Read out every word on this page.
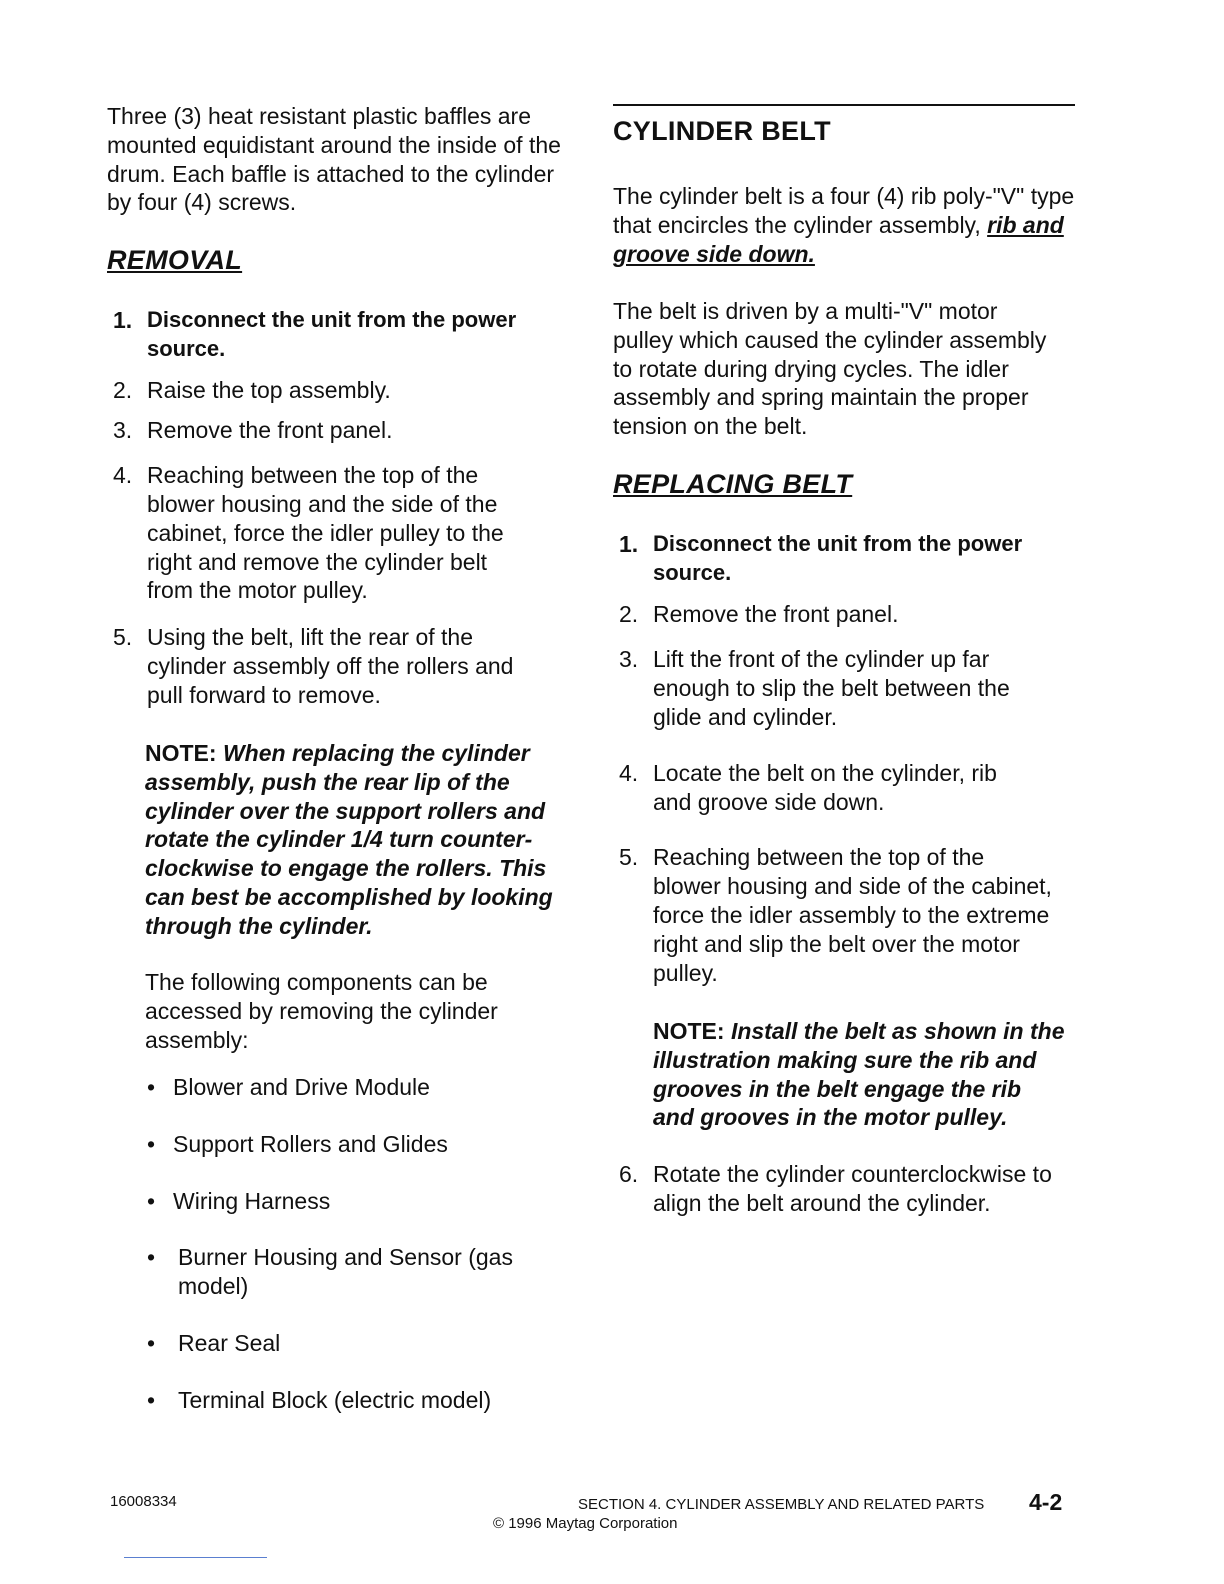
Three (3) heat resistant plastic baffles are mounted equidistant around the inside of the drum. Each baffle is attached to the cylinder by four (4) screws.

REMOVAL
1. Disconnect the unit from the power source.
2. Raise the top assembly.
3. Remove the front panel.
4. Reaching between the top of the blower housing and the side of the cabinet, force the idler pulley to the right and remove the cylinder belt from the motor pulley.
5. Using the belt, lift the rear of the cylinder assembly off the rollers and pull forward to remove.

NOTE: When replacing the cylinder assembly, push the rear lip of the cylinder over the support rollers and rotate the cylinder 1/4 turn counter-clockwise to engage the rollers. This can best be accomplished by looking through the cylinder.

The following components can be accessed by removing the cylinder assembly:

• Blower and Drive Module
• Support Rollers and Glides
• Wiring Harness
• Burner Housing and Sensor (gas model)
• Rear Seal
• Terminal Block (electric model)
CYLINDER BELT

The cylinder belt is a four (4) rib poly-"V" type that encircles the cylinder assembly, rib and groove side down.

The belt is driven by a multi-"V" motor pulley which caused the cylinder assembly to rotate during drying cycles. The idler assembly and spring maintain the proper tension on the belt.

REPLACING BELT
1. Disconnect the unit from the power source.
2. Remove the front panel.
3. Lift the front of the cylinder up far enough to slip the belt between the glide and cylinder.
4. Locate the belt on the cylinder, rib and groove side down.
5. Reaching between the top of the blower housing and side of the cabinet, force the idler assembly to the extreme right and slip the belt over the motor pulley.

NOTE: Install the belt as shown in the illustration making sure the rib and grooves in the belt engage the rib and grooves in the motor pulley.

6. Rotate the cylinder counterclockwise to align the belt around the cylinder.
16008334	SECTION 4. CYLINDER ASSEMBLY AND RELATED PARTS 4-2
© 1996 Maytag Corporation
